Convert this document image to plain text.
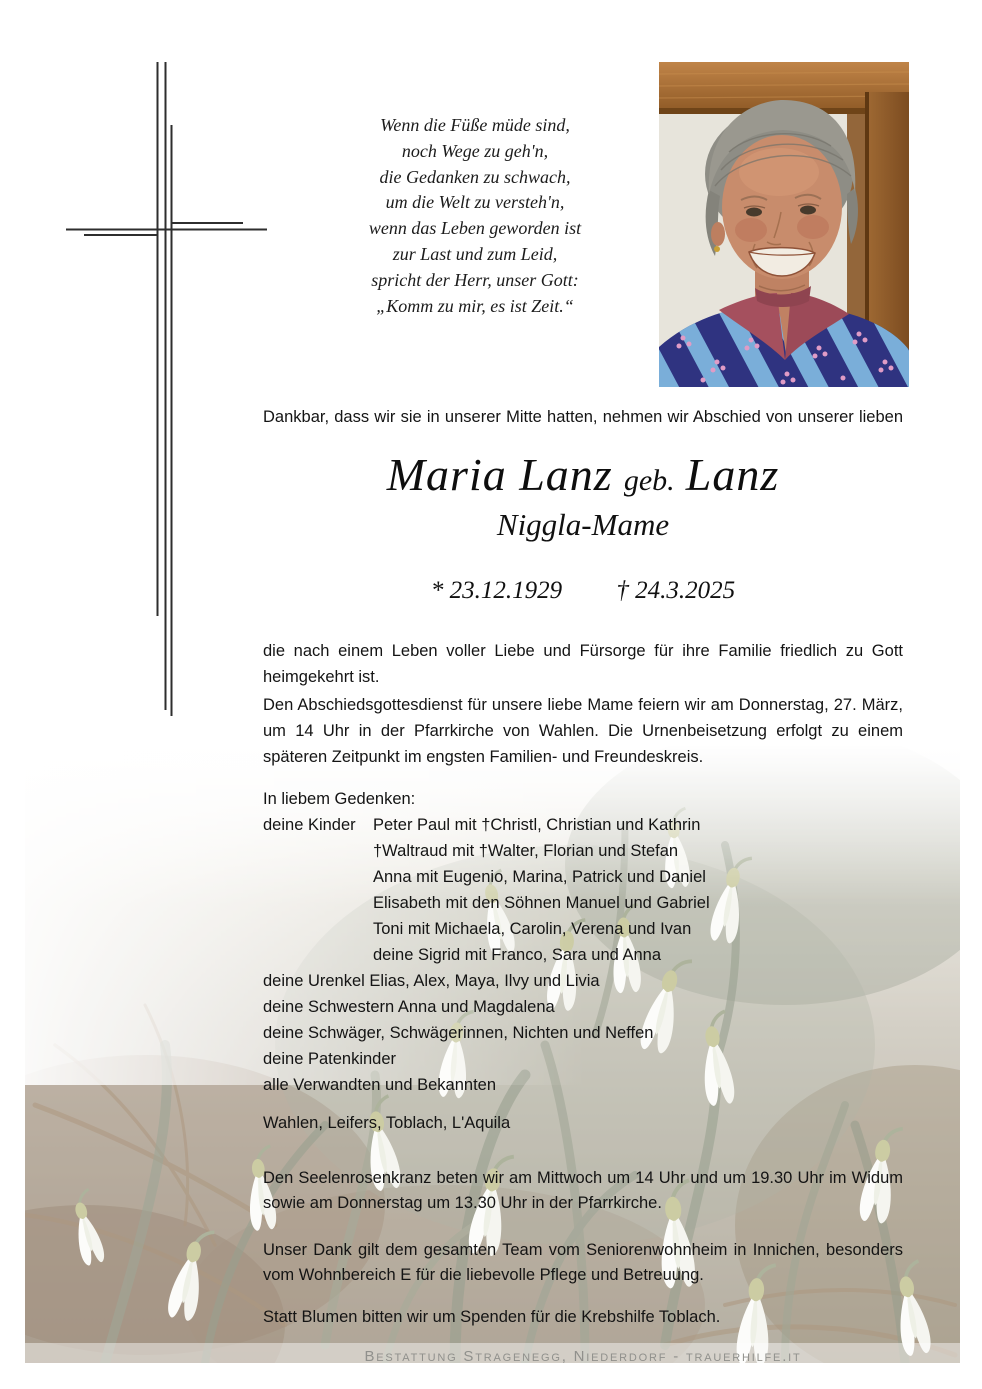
Wenn die Füße müde sind,
noch Wege zu geh'n,
die Gedanken zu schwach,
um die Welt zu versteh'n,
wenn das Leben geworden ist
zur Last und zum Leid,
spricht der Herr, unser Gott:
„Komm zu mir, es ist Zeit.“
Dankbar, dass wir sie in unserer Mitte hatten, nehmen wir Abschied von unserer lieben
Maria Lanz geb. Lanz
Niggla-Mame
* 23.12.1929 † 24.3.2025
die nach einem Leben voller Liebe und Fürsorge für ihre Familie friedlich zu Gott heimgekehrt ist.
Den Abschiedsgottesdienst für unsere liebe Mame feiern wir am Donnerstag, 27. März, um 14 Uhr in der Pfarrkirche von Wahlen. Die Urnenbeisetzung erfolgt zu einem späteren Zeitpunkt im engsten Familien- und Freundeskreis.
In liebem Gedenken:
deine Kinder Peter Paul mit †Christl, Christian und Kathrin
†Waltraud mit †Walter, Florian und Stefan
Anna mit Eugenio, Marina, Patrick und Daniel
Elisabeth mit den Söhnen Manuel und Gabriel
Toni mit Michaela, Carolin, Verena und Ivan
deine Sigrid mit Franco, Sara und Anna
deine Urenkel Elias, Alex, Maya, Ilvy und Livia
deine Schwestern Anna und Magdalena
deine Schwäger, Schwägerinnen, Nichten und Neffen
deine Patenkinder
alle Verwandten und Bekannten
Wahlen, Leifers, Toblach, L'Aquila
Den Seelenrosenkranz beten wir am Mittwoch um 14 Uhr und um 19.30 Uhr im Widum sowie am Donnerstag um 13.30 Uhr in der Pfarrkirche.
Unser Dank gilt dem gesamten Team vom Seniorenwohnheim in Innichen, besonders vom Wohnbereich E für die liebevolle Pflege und Betreuung.
Statt Blumen bitten wir um Spenden für die Krebshilfe Toblach.
Bestattung Stragenegg, Niederdorf - trauerhilfe.it
